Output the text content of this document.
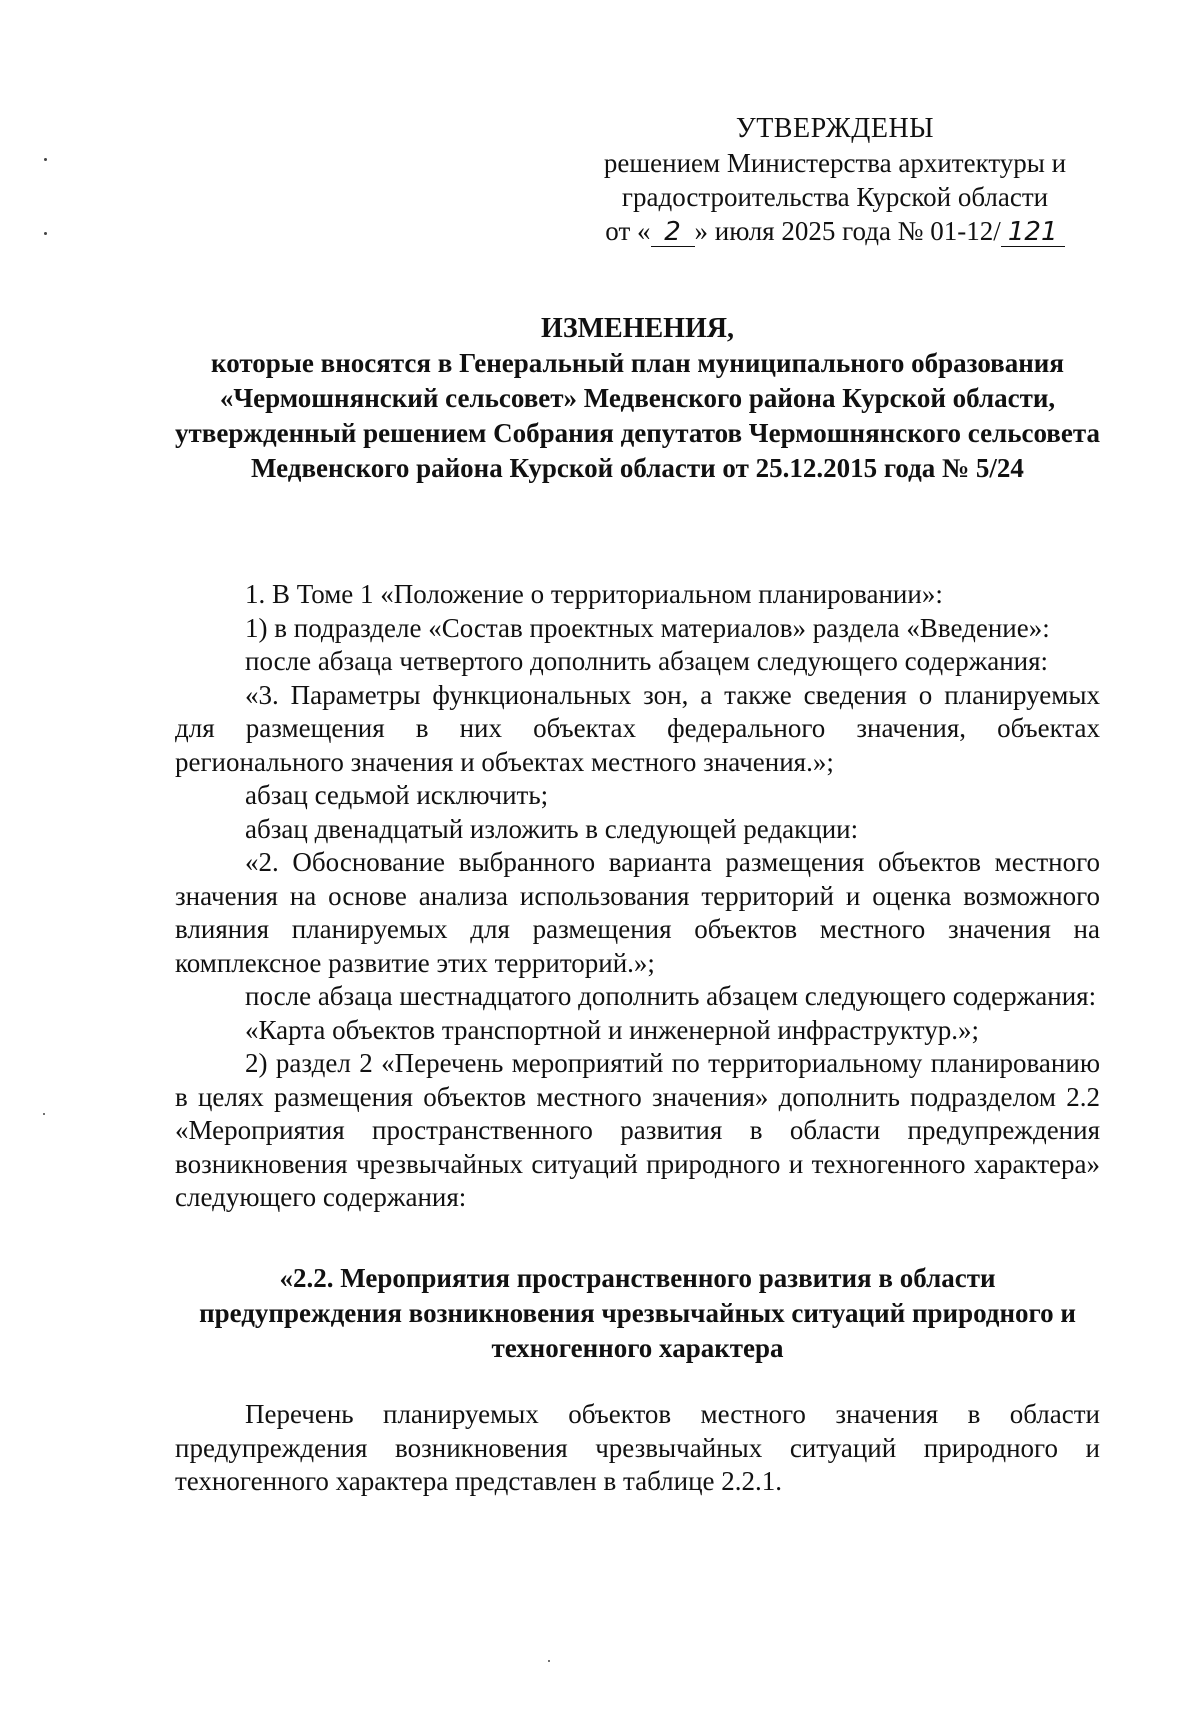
УТВЕРЖДЕНЫ
решением Министерства архитектуры и
градостроительства Курской области
от « 2 » июля 2025 года № 01-12/ 121
ИЗМЕНЕНИЯ,
которые вносятся в Генеральный план муниципального образования «Чермошнянский сельсовет» Медвенского района Курской области, утвержденный решением Собрания депутатов Чермошнянского сельсовета Медвенского района Курской области от 25.12.2015 года № 5/24

1. В Томе 1 «Положение о территориальном планировании»:

1) в подразделе «Состав проектных материалов» раздела «Введение»:

после абзаца четвертого дополнить абзацем следующего содержания:

«3. Параметры функциональных зон, а также сведения о планируемых для размещения в них объектах федерального значения, объектах регионального значения и объектах местного значения.»;

абзац седьмой исключить;

абзац двенадцатый изложить в следующей редакции:

«2. Обоснование выбранного варианта размещения объектов местного значения на основе анализа использования территорий и оценка возможного влияния планируемых для размещения объектов местного значения на комплексное развитие этих территорий.»;

после абзаца шестнадцатого дополнить абзацем следующего содержания:

«Карта объектов транспортной и инженерной инфраструктур.»;

2) раздел 2 «Перечень мероприятий по территориальному планированию в целях размещения объектов местного значения» дополнить подразделом 2.2 «Мероприятия пространственного развития в области предупреждения возникновения чрезвычайных ситуаций природного и техногенного характера» следующего содержания:

«2.2. Мероприятия пространственного развития в области предупреждения возникновения чрезвычайных ситуаций природного и техногенного характера

Перечень планируемых объектов местного значения в области предупреждения возникновения чрезвычайных ситуаций природного и техногенного характера представлен в таблице 2.2.1.
